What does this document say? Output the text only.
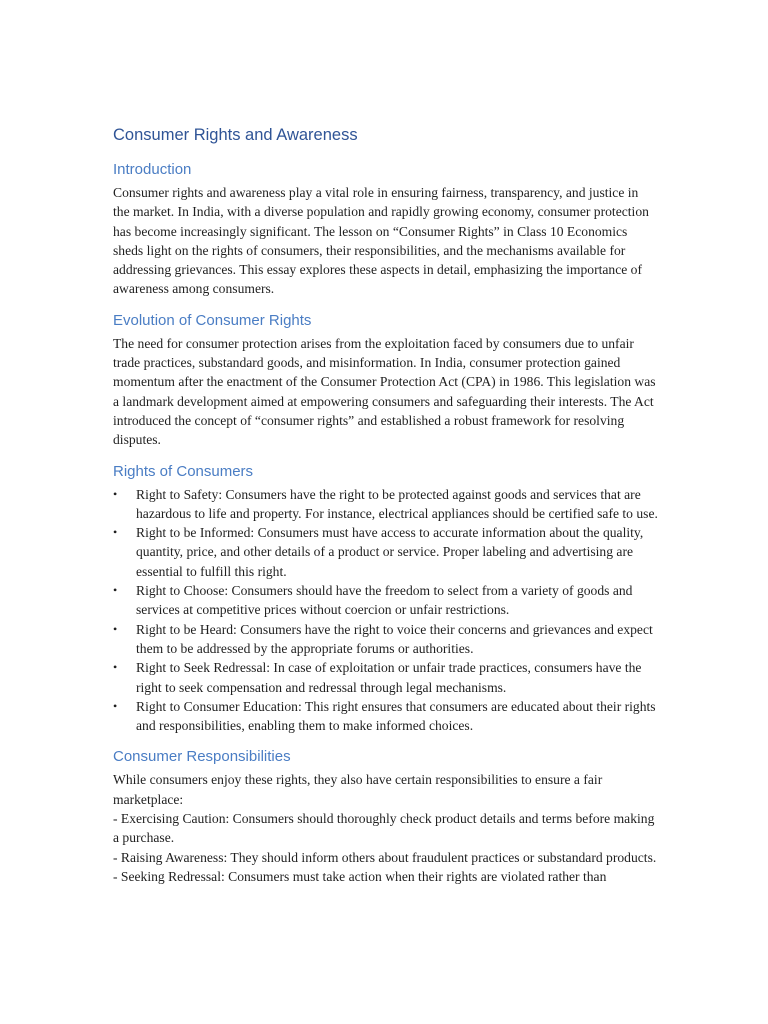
Consumer Rights and Awareness
Introduction

Consumer rights and awareness play a vital role in ensuring fairness, transparency, and justice in the market. In India, with a diverse population and rapidly growing economy, consumer protection has become increasingly significant. The lesson on “Consumer Rights” in Class 10 Economics sheds light on the rights of consumers, their responsibilities, and the mechanisms available for addressing grievances. This essay explores these aspects in detail, emphasizing the importance of awareness among consumers.

Evolution of Consumer Rights

The need for consumer protection arises from the exploitation faced by consumers due to unfair trade practices, substandard goods, and misinformation. In India, consumer protection gained momentum after the enactment of the Consumer Protection Act (CPA) in 1986. This legislation was a landmark development aimed at empowering consumers and safeguarding their interests. The Act introduced the concept of “consumer rights” and established a robust framework for resolving disputes.

Rights of Consumers
• Right to Safety: Consumers have the right to be protected against goods and services that are hazardous to life and property. For instance, electrical appliances should be certified safe to use.
• Right to be Informed: Consumers must have access to accurate information about the quality, quantity, price, and other details of a product or service. Proper labeling and advertising are essential to fulfill this right.
• Right to Choose: Consumers should have the freedom to select from a variety of goods and services at competitive prices without coercion or unfair restrictions.
• Right to be Heard: Consumers have the right to voice their concerns and grievances and expect them to be addressed by the appropriate forums or authorities.
• Right to Seek Redressal: In case of exploitation or unfair trade practices, consumers have the right to seek compensation and redressal through legal mechanisms.
• Right to Consumer Education: This right ensures that consumers are educated about their rights and responsibilities, enabling them to make informed choices.
Consumer Responsibilities

While consumers enjoy these rights, they also have certain responsibilities to ensure a fair marketplace:

- Exercising Caution: Consumers should thoroughly check product details and terms before making a purchase.

- Raising Awareness: They should inform others about fraudulent practices or substandard products.

- Seeking Redressal: Consumers must take action when their rights are violated rather than
